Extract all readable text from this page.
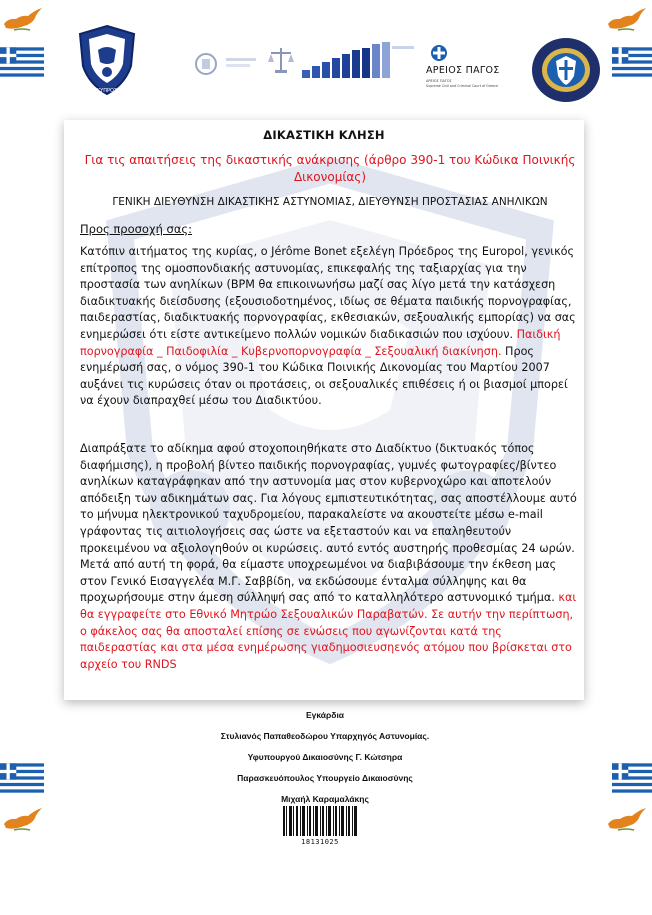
ΚΥΠΡΟΣ
ΑΡΕΙΟΣ ΠΑΓΟΣ
ΑΡΕΙΟΣ ΠΑΓΟΣ
Supreme Civil and Criminal Court of Greece
ΔΙΚΑΣΤΙΚΗ ΚΛΗΣΗ
Για τις απαιτήσεις της δικαστικής ανάκρισης (άρθρο 390-1 του Κώδικα Ποινικής Δικονομίας)
ΓΕΝΙΚΗ ΔΙΕΥΘΥΝΣΗ ΔΙΚΑΣΤΙΚΗΣ ΑΣΤΥΝΟΜΙΑΣ, ΔΙΕΥΘΥΝΣΗ ΠΡΟΣΤΑΣΙΑΣ ΑΝΗΛΙΚΩΝ
Προς προσοχή σας:
Κατόπιν αιτήματος της κυρίας, ο Jérôme Bonet εξελέγη Πρόεδρος της Europol, γενικός επίτροπος της ομοσπονδιακής αστυνομίας, επικεφαλής της ταξιαρχίας για την προστασία των ανηλίκων (BPM θα επικοινωνήσω μαζί σας λίγο μετά την κατάσχεση διαδικτυακής διείσδυσης (εξουσιοδοτημένος, ιδίως σε θέματα παιδικής πορνογραφίας, παιδεραστίας, διαδικτυακής πορνογραφίας, εκθεσιακών, σεξουαλικής εμπορίας) να σας ενημερώσει ότι είστε αντικείμενο πολλών νομικών διαδικασιών που ισχύουν. Παιδική πορνογραφία _ Παιδοφιλία _ Κυβερνοπορνογραφία _ Σεξουαλική διακίνηση. Προς ενημέρωσή σας, ο νόμος 390-1 του Κώδικα Ποινικής Δικονομίας του Μαρτίου 2007 αυξάνει τις κυρώσεις όταν οι προτάσεις, οι σεξουαλικές επιθέσεις ή οι βιασμοί μπορεί να έχουν διαπραχθεί μέσω του Διαδικτύου.
Διαπράξατε το αδίκημα αφού στοχοποιηθήκατε στο Διαδίκτυο (δικτυακός τόπος διαφήμισης), η προβολή βίντεο παιδικής πορνογραφίας, γυμνές φωτογραφίες/βίντεο ανηλίκων καταγράφηκαν από την αστυνομία μας στον κυβερνοχώρο και αποτελούν απόδειξη των αδικημάτων σας. Για λόγους εμπιστευτικότητας, σας αποστέλλουμε αυτό το μήνυμα ηλεκτρονικού ταχυδρομείου, παρακαλείστε να ακουστείτε μέσω e-mail γράφοντας τις αιτιολογήσεις σας ώστε να εξεταστούν και να επαληθευτούν προκειμένου να αξιολογηθούν οι κυρώσεις. αυτό εντός αυστηρής προθεσμίας 24 ωρών. Μετά από αυτή τη φορά, θα είμαστε υποχρεωμένοι να διαβιβάσουμε την έκθεση μας στον Γενικό Εισαγγελέα Μ.Γ. Σαββίδη, να εκδώσουμε ένταλμα σύλληψης και θα προχωρήσουμε στην άμεση σύλληψή σας από το καταλληλότερο αστυνομικό τμήμα. και θα εγγραφείτε στο Εθνικό Μητρώο Σεξουαλικών Παραβατών. Σε αυτήν την περίπτωση, ο φάκελος σας θα αποσταλεί επίσης σε ενώσεις που αγωνίζονται κατά της παιδεραστίας και στα μέσα ενημέρωσης γιαδημοσιευσηενός ατόμου που βρίσκεται στο αρχείο του RNDS
Εγκάρδια
Στυλιανός Παπαθεοδώρου Υπαρχηγός Αστυνομίας.
Υφυπουργού Δικαιοσύνης Γ. Κώτσηρα
Παρασκευόπουλος Υπουργείο Δικαιοσύνης
Μιχαήλ Καραμαλάκης
18131025
